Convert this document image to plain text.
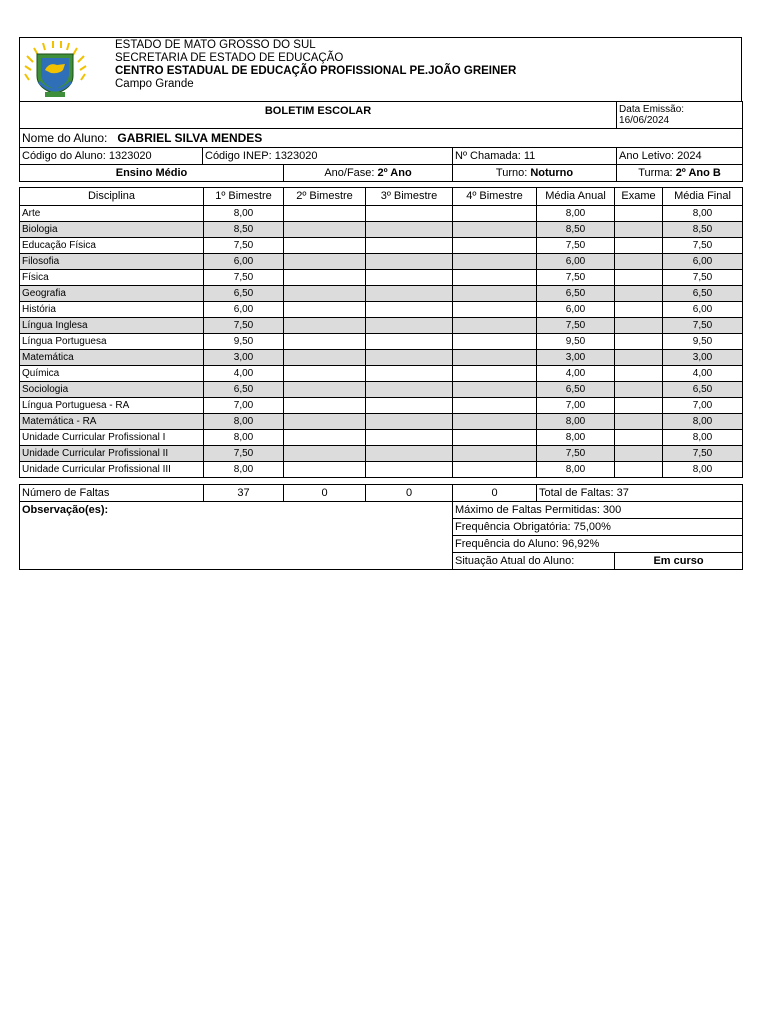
ESTADO DE MATO GROSSO DO SUL
SECRETARIA DE ESTADO DE EDUCAÇÃO
CENTRO ESTADUAL DE EDUCAÇÃO PROFISSIONAL PE.JOÃO GREINER
Campo Grande
BOLETIM ESCOLAR				Data Emissão:
16/06/2024
Nome do Aluno: GABRIEL SILVA MENDES				
Código do Aluno: 1323020	Código INEP: 1323020		Nº Chamada: 11	Ano Letivo: 2024
Ensino Médio		Ano/Fase: 2º Ano	Turno: Noturno	Turma: 2º Ano B
Disciplina	1º Bimestre	2º Bimestre	3º Bimestre	4º Bimestre	Média Anual	Exame	Média Final
Arte	8,00				8,00		8,00
Biologia	8,50				8,50		8,50
Educação Física	7,50				7,50		7,50
Filosofia	6,00				6,00		6,00
Física	7,50				7,50		7,50
Geografia	6,50				6,50		6,50
História	6,00				6,00		6,00
Língua Inglesa	7,50				7,50		7,50
Língua Portuguesa	9,50				9,50		9,50
Matemática	3,00				3,00		3,00
Química	4,00				4,00		4,00
Sociologia	6,50				6,50		6,50
Língua Portuguesa - RA	7,00				7,00		7,00
Matemática - RA	8,00				8,00		8,00
Unidade Curricular Profissional I	8,00				8,00		8,00
Unidade Curricular Profissional II	7,50				7,50		7,50
Unidade Curricular Profissional III	8,00				8,00		8,00
Número de Faltas	37	0	0	0	Total de Faltas: 37	
Observação(es):				Máximo de Faltas Permitidas: 300		
				Frequência Obrigatória: 75,00%		
				Frequência do Aluno: 96,92%		
				Situação Atual do Aluno:		Em curso
